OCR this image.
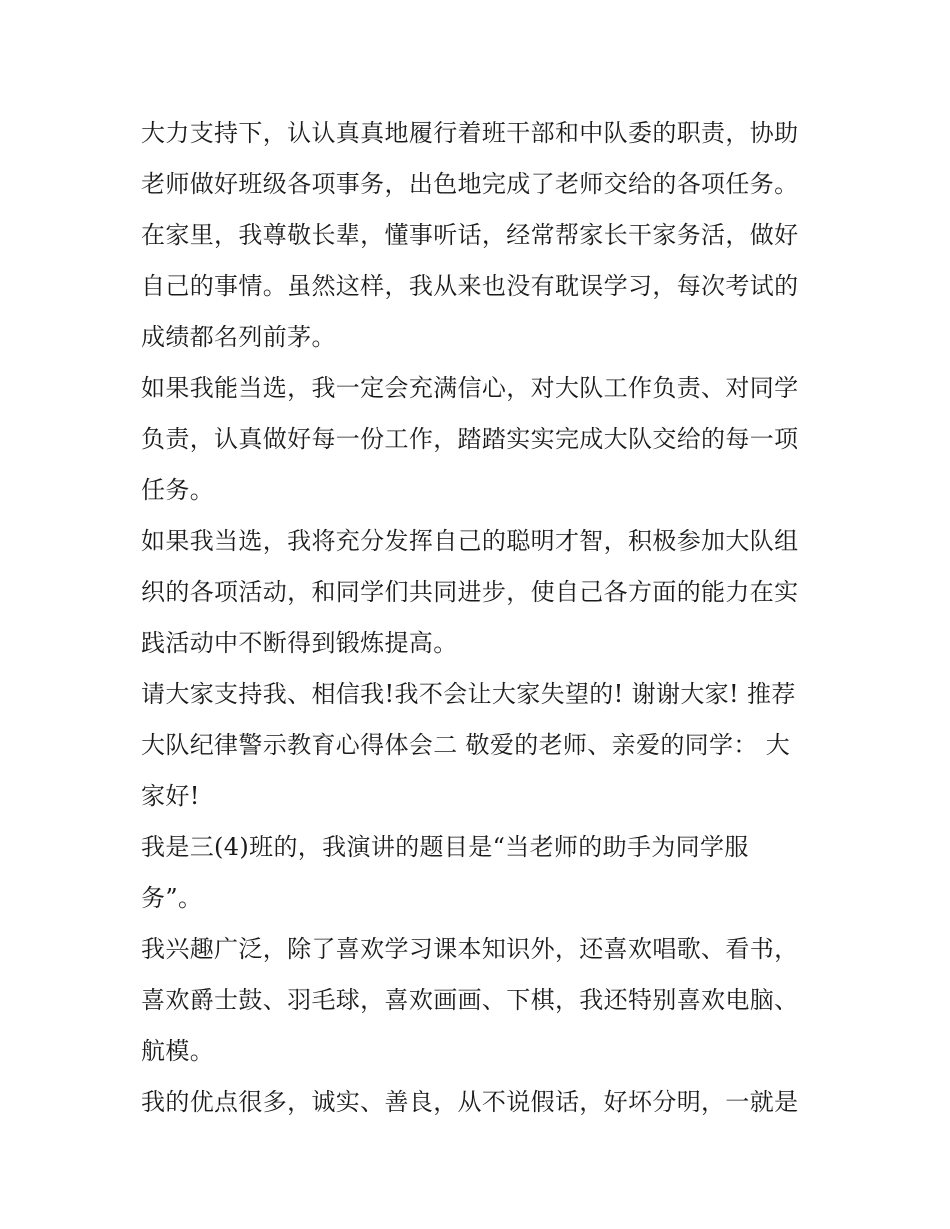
大力支持下，认认真真地履行着班干部和中队委的职责，协助
老师做好班级各项事务，出色地完成了老师交给的各项任务。
在家里，我尊敬长辈，懂事听话，经常帮家长干家务活，做好
自己的事情。虽然这样，我从来也没有耽误学习，每次考试的
成绩都名列前茅。
如果我能当选，我一定会充满信心，对大队工作负责、对同学
负责，认真做好每一份工作，踏踏实实完成大队交给的每一项
任务。
如果我当选，我将充分发挥自己的聪明才智，积极参加大队组
织的各项活动，和同学们共同进步，使自己各方面的能力在实
践活动中不断得到锻炼提高。
请大家支持我、相信我!我不会让大家失望的! 谢谢大家! 推荐
大队纪律警示教育心得体会二 敬爱的老师、亲爱的同学： 大
家好!
我是三(4)班的，我演讲的题目是“当老师的助手为同学服
务”。
我兴趣广泛，除了喜欢学习课本知识外，还喜欢唱歌、看书，
喜欢爵士鼓、羽毛球，喜欢画画、下棋，我还特别喜欢电脑、
航模。
我的优点很多，诚实、善良，从不说假话，好坏分明，一就是
